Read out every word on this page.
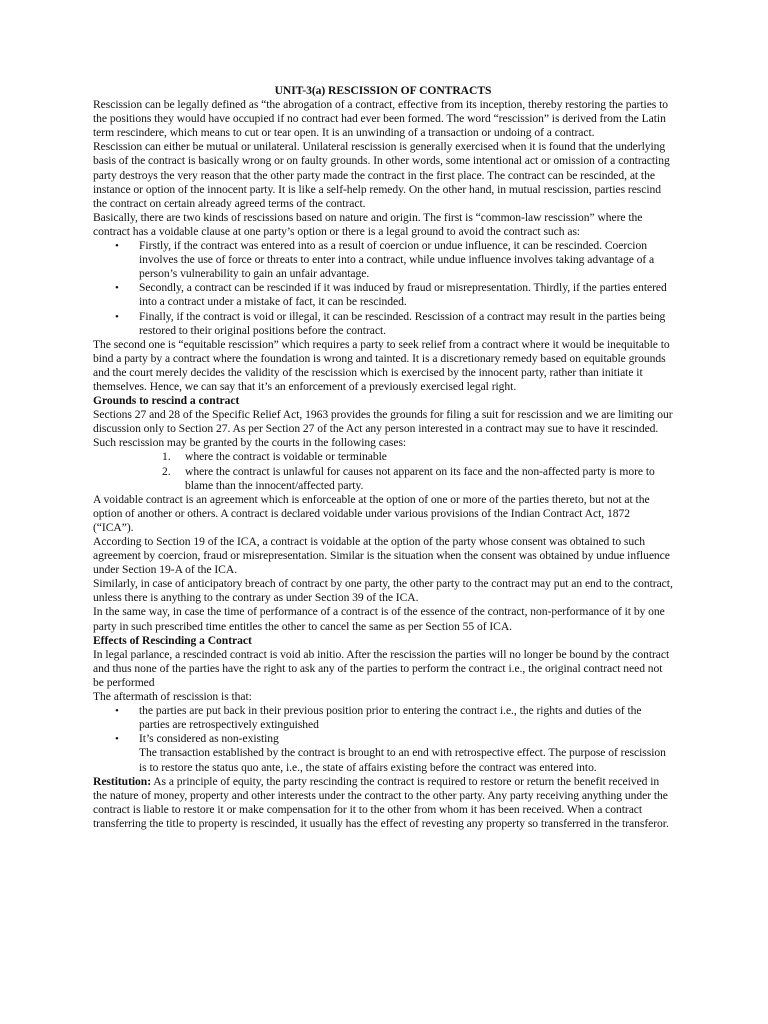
UNIT-3(a) RESCISSION OF CONTRACTS

Rescission can be legally defined as “the abrogation of a contract, effective from its inception, thereby restoring the parties to the positions they would have occupied if no contract had ever been formed. The word “rescission” is derived from the Latin term rescindere, which means to cut or tear open. It is an unwinding of a transaction or undoing of a contract.

Rescission can either be mutual or unilateral. Unilateral rescission is generally exercised when it is found that the underlying basis of the contract is basically wrong or on faulty grounds. In other words, some intentional act or omission of a contracting party destroys the very reason that the other party made the contract in the first place. The contract can be rescinded, at the instance or option of the innocent party. It is like a self-help remedy. On the other hand, in mutual rescission, parties rescind the contract on certain already agreed terms of the contract.

Basically, there are two kinds of rescissions based on nature and origin. The first is “common-law rescission” where the contract has a voidable clause at one party’s option or there is a legal ground to avoid the contract such as:

• Firstly, if the contract was entered into as a result of coercion or undue influence, it can be rescinded. Coercion involves the use of force or threats to enter into a contract, while undue influence involves taking advantage of a person’s vulnerability to gain an unfair advantage.
• Secondly, a contract can be rescinded if it was induced by fraud or misrepresentation. Thirdly, if the parties entered into a contract under a mistake of fact, it can be rescinded.
• Finally, if the contract is void or illegal, it can be rescinded. Rescission of a contract may result in the parties being restored to their original positions before the contract.

The second one is “equitable rescission” which requires a party to seek relief from a contract where it would be inequitable to bind a party by a contract where the foundation is wrong and tainted. It is a discretionary remedy based on equitable grounds and the court merely decides the validity of the rescission which is exercised by the innocent party, rather than initiate it themselves. Hence, we can say that it’s an enforcement of a previously exercised legal right.

Grounds to rescind a contract

Sections 27 and 28 of the Specific Relief Act, 1963 provides the grounds for filing a suit for rescission and we are limiting our discussion only to Section 27. As per Section 27 of the Act any person interested in a contract may sue to have it rescinded. Such rescission may be granted by the courts in the following cases:

1. where the contract is voidable or terminable
2. where the contract is unlawful for causes not apparent on its face and the non-affected party is more to blame than the innocent/affected party.

A voidable contract is an agreement which is enforceable at the option of one or more of the parties thereto, but not at the option of another or others. A contract is declared voidable under various provisions of the Indian Contract Act, 1872 (“ICA”).

According to Section 19 of the ICA, a contract is voidable at the option of the party whose consent was obtained to such agreement by coercion, fraud or misrepresentation. Similar is the situation when the consent was obtained by undue influence under Section 19-A of the ICA.

Similarly, in case of anticipatory breach of contract by one party, the other party to the contract may put an end to the contract, unless there is anything to the contrary as under Section 39 of the ICA.

In the same way, in case the time of performance of a contract is of the essence of the contract, non-performance of it by one party in such prescribed time entitles the other to cancel the same as per Section 55 of ICA.

Effects of Rescinding a Contract

In legal parlance, a rescinded contract is void ab initio. After the rescission the parties will no longer be bound by the contract and thus none of the parties have the right to ask any of the parties to perform the contract i.e., the original contract need not be performed

The aftermath of rescission is that:

• the parties are put back in their previous position prior to entering the contract i.e., the rights and duties of the parties are retrospectively extinguished
• It’s considered as non-existing
The transaction established by the contract is brought to an end with retrospective effect. The purpose of rescission is to restore the status quo ante, i.e., the state of affairs existing before the contract was entered into.

Restitution: As a principle of equity, the party rescinding the contract is required to restore or return the benefit received in the nature of money, property and other interests under the contract to the other party. Any party receiving anything under the contract is liable to restore it or make compensation for it to the other from whom it has been received. When a contract transferring the title to property is rescinded, it usually has the effect of revesting any property so transferred in the transferor.
